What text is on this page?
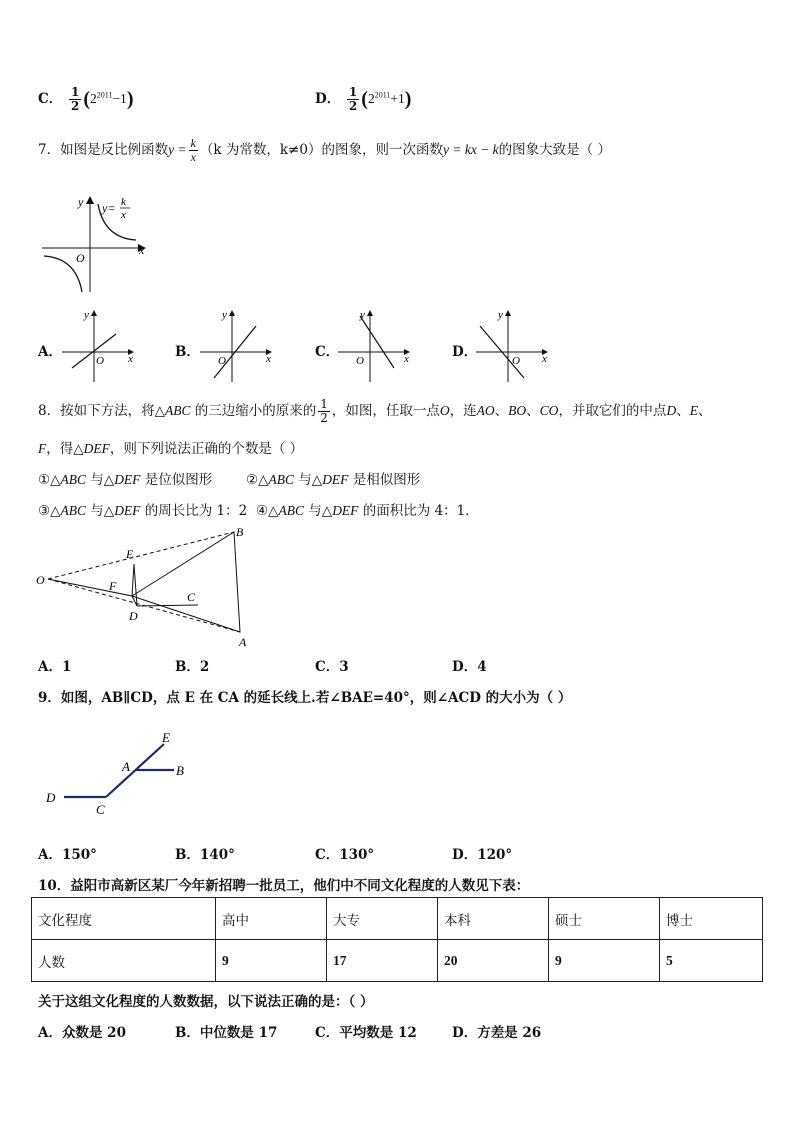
C． $\frac{1}{2} (2^{2011}-1)$	D． $\frac{1}{2} (2^{2011}+1)$
7．如图是反比例函数$y = \frac{k}{x} (k$ 为常数，k≠0）的图象，则一次函数y = kx − k的图象大致是（ ）
y
x
O
y= k
x
A．
y
x
O
B．
y
x
O
C．
y
x
O
D．
y
x
O
8．按如下方法，将△ABC 的三边缩小的原来的 $\frac{1}{2}$ ，如图，任取一点O，连AO、BO、CO，并取它们的中点D、E、
F，得△DEF，则下列说法正确的个数是（ ）
①△ABC 与△DEF 是位似图形	②△ABC 与△DEF 是相似图形
③△ABC 与△DEF 的周长比为 1：2 ④△ABC 与△DEF 的面积比为 4：1．
O
E
F
D
C
B
A
A．1	B．2	C．3	D．4
9．如图，AB∥CD，点 E 在 CA 的延长线上.若∠BAE=40°，则∠ACD 的大小为（ ）
E
A	B
D
C
A．150°	B．140°	C．130°	D．120°
10．益阳市高新区某厂今年新招聘一批员工，他们中不同文化程度的人数见下表：
文化程度	高中	大专	本科	硕士	博士
人数	9	17	20	9	5
关于这组文化程度的人数数据，以下说法正确的是：（ ）
A．众数是 20	B．中位数是 17	C．平均数是 12	D．方差是 26
